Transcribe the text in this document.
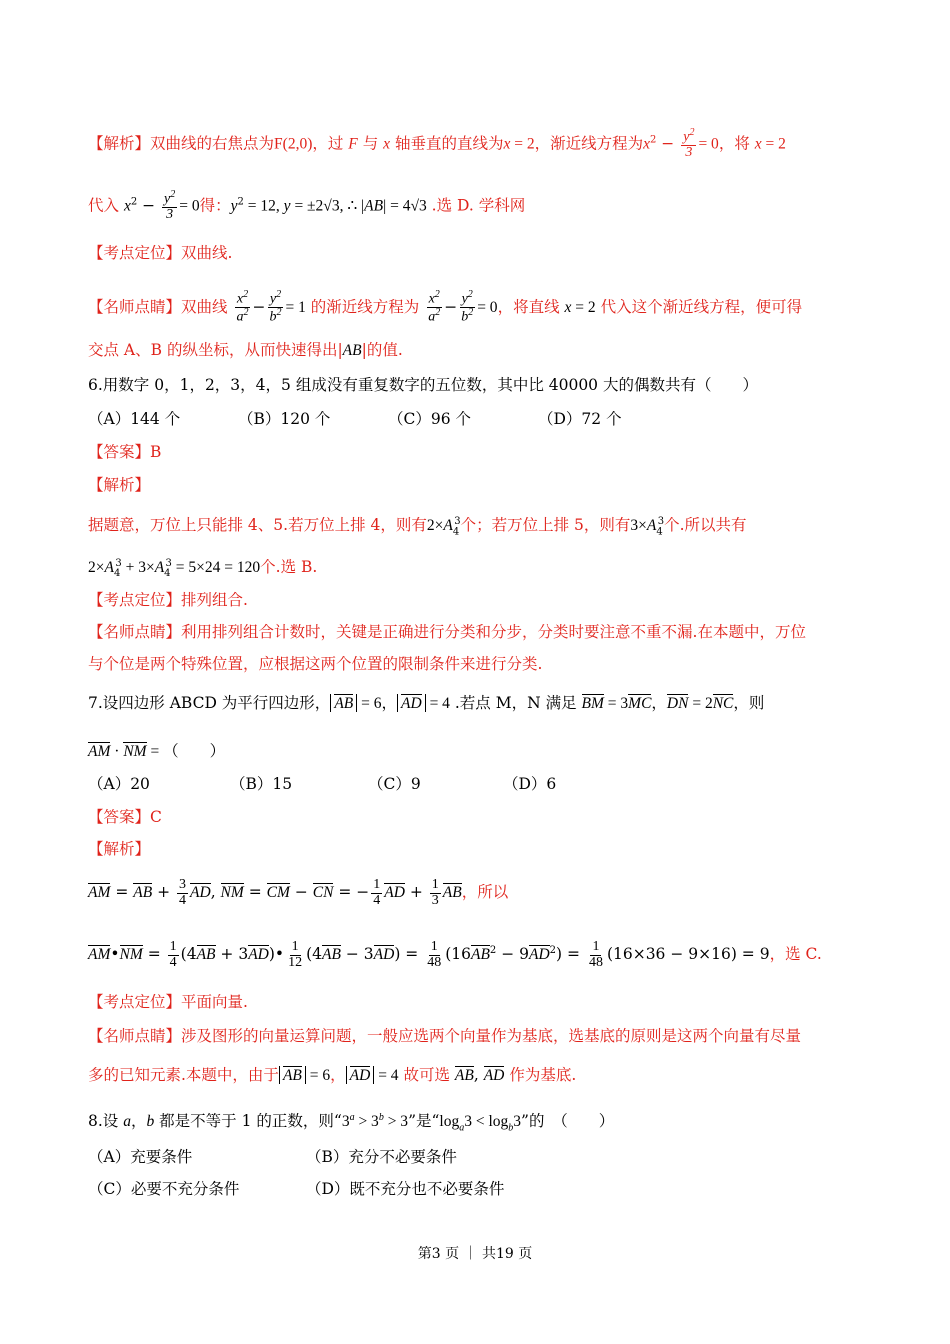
【解析】双曲线的右焦点为F(2,0)，过 F 与 x 轴垂直的直线为x = 2，渐近线方程为$x^2 - \frac{y^2}{3} = 0$，将 x = 2
代入 $x^2 - \frac{y^2}{3} = 0$得：$y^2 = 12$, y = ±2√3, ∴ |AB| = 4√3 .选 D. 学科网
【考点定位】双曲线.
【名师点睛】双曲线 $\frac{x^2}{a^2} - \frac{y^2}{b^2} = 1$ 的渐近线方程为 $\frac{x^2}{a^2} - \frac{y^2}{b^2} = 0$，将直线 x = 2 代入这个渐近线方程，便可得
交点 A、B 的纵坐标，从而快速得出|AB|的值.
6.用数字 0，1，2，3，4，5 组成没有重复数字的五位数，其中比 40000 大的偶数共有（　　）
（A）144 个	（B）120 个	（C）96 个	（D）72 个
【答案】B
【解析】
据题意，万位上只能排 4、5.若万位上排 4，则有$2\times A_4^3$个；若万位上排 5，则有$3\times A_4^3$个.所以共有
$2\times A_4^3 + 3\times A_4^3 = 5\times 24 = 120$个.选 B.
【考点定位】排列组合.
【名师点睛】利用排列组合计数时，关键是正确进行分类和分步，分类时要注意不重不漏.在本题中，万位
与个位是两个特殊位置，应根据这两个位置的限制条件来进行分类.
7.设四边形 ABCD 为平行四边形， AB = 6， AD = 4 .若点 M，N 满足 BM = 3MC，DN = 2NC，则
AM · NM = （　　）
（A）20	（B）15	（C）9	（D）6
【答案】C
【解析】
AM = AB + $\frac{3}{4}$ AD, NM = CM − CN = − $\frac{1}{4}$ AD + $\frac{1}{3}$ AB，所以
AM•NM = $\frac{1}{4} (4AB$ + 3AD)• $\frac{1}{12} (4AB - 3AD) = \frac{1}{48} (16AB^2 - 9AD^2) = \frac{1}{48} (16\times 36 - 9\times 16) = 9$，选 C.
【考点定位】平面向量.
【名师点睛】涉及图形的向量运算问题，一般应选两个向量作为基底，选基底的原则是这两个向量有尽量
多的已知元素.本题中，由于 AB = 6， AD = 4 故可选 AB, AD 作为基底.
8.设 a，b 都是不等于 1 的正数，则“$3^a > 3^b > 3$”是“$\log_a3 < \log_b3$”的　（　　）
（A）充要条件	（B）充分不必要条件
（C）必要不充分条件	（D）既不充分也不必要条件
第3 页 ｜ 共19 页
